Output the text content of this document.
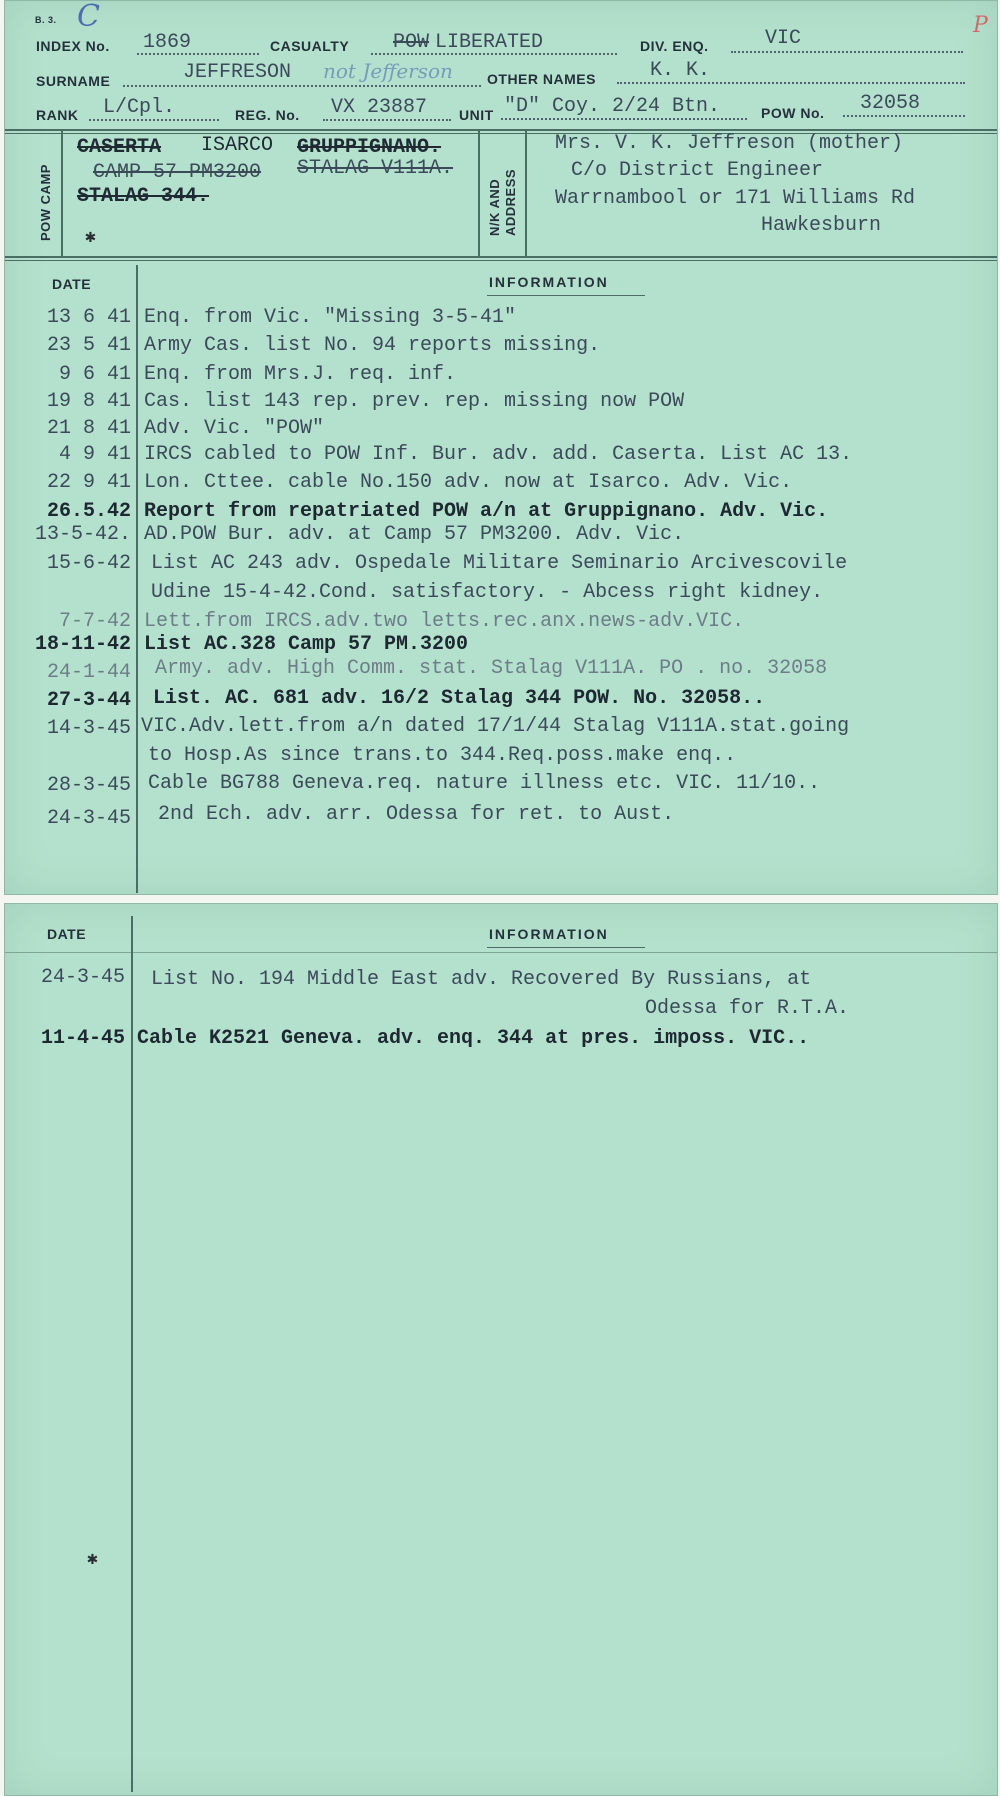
B. 3. C	P
INDEX No. 1869	CASUALTY POW LIBERATED	DIV. ENQ.	VIC
SURNAME	JEFFRESON not Jefferson OTHER NAMES	K. K.
RANK L/Cpl.	REG. No. VX 23887 UNIT "D" Coy. 2/24 Btn.	POW No. 32058
POW CAMP
CASERTA ISARCO GRUPPIGNANO.
CAMP 57 PM3200 STALAG V111A.
STALAG 344.
✱
N/K AND ADDRESS
Mrs. V. K. Jeffreson (mother)
C/o District Engineer
Warrnambool or 171 Williams Rd
Hawkesburn
DATE	INFORMATION
13 6 41 Enq. from Vic. "Missing 3-5-41"
23 5 41 Army Cas. list No. 94 reports missing.
9 6 41 Enq. from Mrs.J. req. inf.
19 8 41 Cas. list 143 rep. prev. rep. missing now POW
21 8 41 Adv. Vic. "POW"
4 9 41 IRCS cabled to POW Inf. Bur. adv. add. Caserta. List AC 13.
22 9 41 Lon. Cttee. cable No.150 adv. now at Isarco. Adv. Vic.
26.5.42 Report from repatriated POW a/n at Gruppignano. Adv. Vic.
13-5-42. AD.POW Bur. adv. at Camp 57 PM3200. Adv. Vic.
15-6-42 List AC 243 adv. Ospedale Militare Seminario Arcivescovile
Udine 15-4-42.Cond. satisfactory. - Abcess right kidney.
7-7-42 Lett.from IRCS.adv.two letts.rec.anx.news-adv.VIC.
18-11-42 List AC.328 Camp 57 PM.3200
24-1-44 Army. adv. High Comm. stat. Stalag V111A. PO . no. 32058
27-3-44 List. AC. 681 adv. 16/2 Stalag 344 POW. No. 32058..
14-3-45 VIC.Adv.lett.from a/n dated 17/1/44 Stalag V111A.stat.going
to Hosp.As since trans.to 344.Req.poss.make enq..
28-3-45 Cable BG788 Geneva.req. nature illness etc. VIC. 11/10..
24-3-45 2nd Ech. adv. arr. Odessa for ret. to Aust.
DATE	INFORMATION
24-3-45 List No. 194 Middle East adv. Recovered By Russians, at
Odessa for R.T.A.
11-4-45 Cable K2521 Geneva. adv. enq. 344 at pres. imposs. VIC..
✱
